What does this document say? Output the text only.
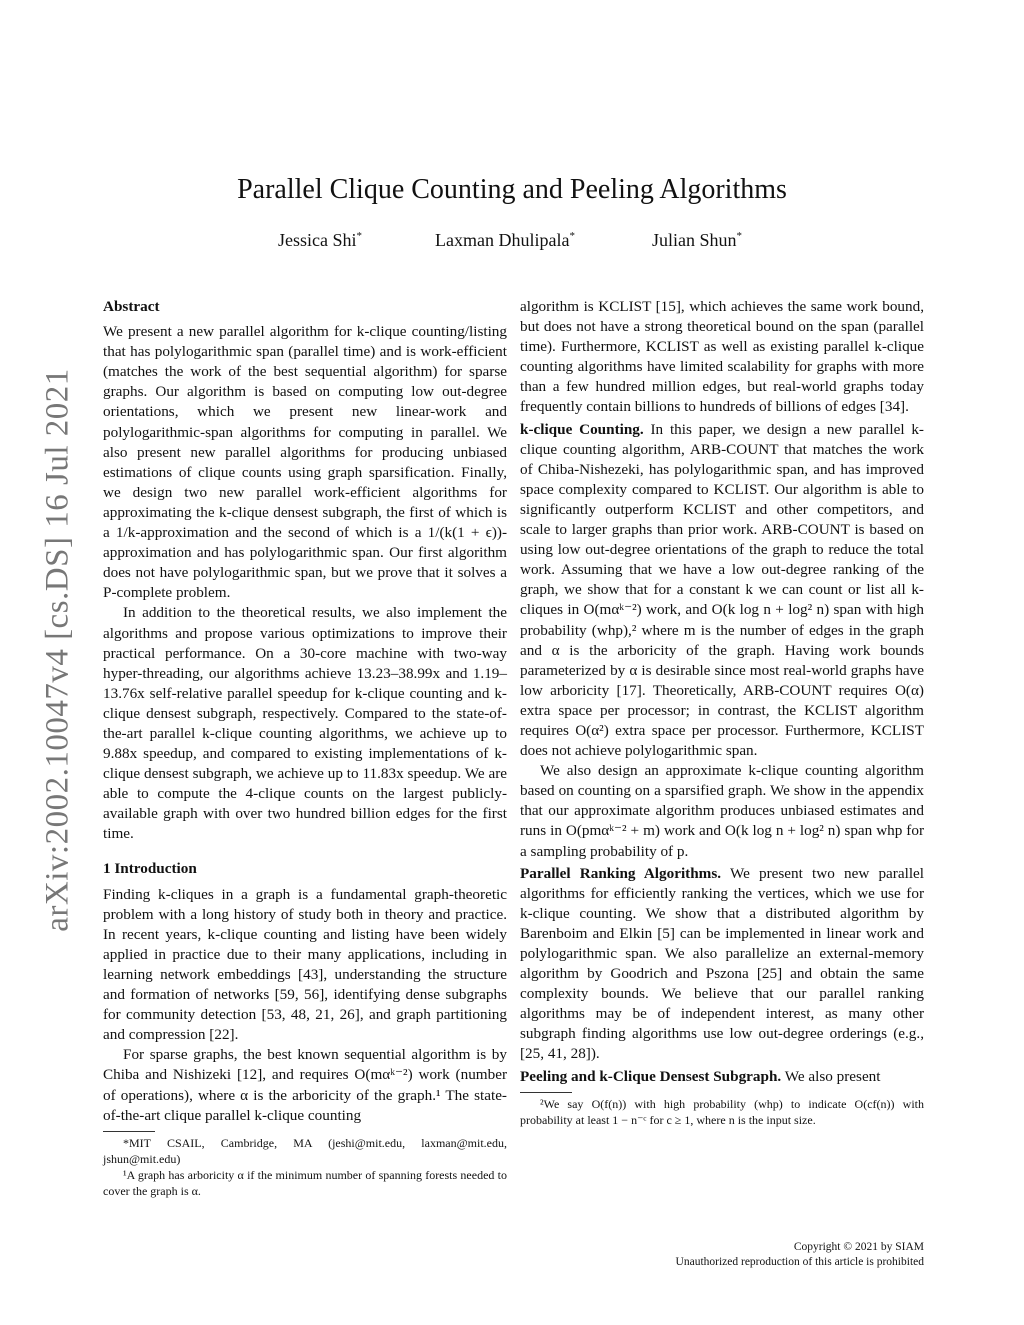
arXiv:2002.10047v4 [cs.DS] 16 Jul 2021
Parallel Clique Counting and Peeling Algorithms
Jessica Shi*	Laxman Dhulipala*	Julian Shun*

Abstract

We present a new parallel algorithm for k-clique counting/listing that has polylogarithmic span (parallel time) and is work-efficient (matches the work of the best sequential algorithm) for sparse graphs. Our algorithm is based on computing low out-degree orientations, which we present new linear-work and polylogarithmic-span algorithms for computing in parallel. We also present new parallel algorithms for producing unbiased estimations of clique counts using graph sparsification. Finally, we design two new parallel work-efficient algorithms for approximating the k-clique densest subgraph, the first of which is a 1/k-approximation and the second of which is a 1/(k(1 + ϵ))-approximation and has polylogarithmic span. Our first algorithm does not have polylogarithmic span, but we prove that it solves a P-complete problem.

In addition to the theoretical results, we also implement the algorithms and propose various optimizations to improve their practical performance. On a 30-core machine with two-way hyper-threading, our algorithms achieve 13.23–38.99x and 1.19–13.76x self-relative parallel speedup for k-clique counting and k-clique densest subgraph, respectively. Compared to the state-of-the-art parallel k-clique counting algorithms, we achieve up to 9.88x speedup, and compared to existing implementations of k-clique densest subgraph, we achieve up to 11.83x speedup. We are able to compute the 4-clique counts on the largest publicly-available graph with over two hundred billion edges for the first time.

1 Introduction

Finding k-cliques in a graph is a fundamental graph-theoretic problem with a long history of study both in theory and practice. In recent years, k-clique counting and listing have been widely applied in practice due to their many applications, including in learning network embeddings [43], understanding the structure and formation of networks [59, 56], identifying dense subgraphs for community detection [53, 48, 21, 26], and graph partitioning and compression [22].

For sparse graphs, the best known sequential algorithm is by Chiba and Nishizeki [12], and requires O(mαᵏ⁻²) work (number of operations), where α is the arboricity of the graph.¹ The state-of-the-art clique parallel k-clique counting

*MIT CSAIL, Cambridge, MA (jeshi@mit.edu, laxman@mit.edu, jshun@mit.edu)

¹A graph has arboricity α if the minimum number of spanning forests needed to cover the graph is α.

algorithm is KCLIST [15], which achieves the same work bound, but does not have a strong theoretical bound on the span (parallel time). Furthermore, KCLIST as well as existing parallel k-clique counting algorithms have limited scalability for graphs with more than a few hundred million edges, but real-world graphs today frequently contain billions to hundreds of billions of edges [34].

k-clique Counting. In this paper, we design a new parallel k-clique counting algorithm, ARB-COUNT that matches the work of Chiba-Nishezeki, has polylogarithmic span, and has improved space complexity compared to KCLIST. Our algorithm is able to significantly outperform KCLIST and other competitors, and scale to larger graphs than prior work. ARB-COUNT is based on using low out-degree orientations of the graph to reduce the total work. Assuming that we have a low out-degree ranking of the graph, we show that for a constant k we can count or list all k-cliques in O(mαᵏ⁻²) work, and O(k log n + log² n) span with high probability (whp),² where m is the number of edges in the graph and α is the arboricity of the graph. Having work bounds parameterized by α is desirable since most real-world graphs have low arboricity [17]. Theoretically, ARB-COUNT requires O(α) extra space per processor; in contrast, the KCLIST algorithm requires O(α²) extra space per processor. Furthermore, KCLIST does not achieve polylogarithmic span.

We also design an approximate k-clique counting algorithm based on counting on a sparsified graph. We show in the appendix that our approximate algorithm produces unbiased estimates and runs in O(pmαᵏ⁻² + m) work and O(k log n + log² n) span whp for a sampling probability of p.

Parallel Ranking Algorithms. We present two new parallel algorithms for efficiently ranking the vertices, which we use for k-clique counting. We show that a distributed algorithm by Barenboim and Elkin [5] can be implemented in linear work and polylogarithmic span. We also parallelize an external-memory algorithm by Goodrich and Pszona [25] and obtain the same complexity bounds. We believe that our parallel ranking algorithms may be of independent interest, as many other subgraph finding algorithms use low out-degree orderings (e.g., [25, 41, 28]).

Peeling and k-Clique Densest Subgraph. We also present

²We say O(f(n)) with high probability (whp) to indicate O(cf(n)) with probability at least 1 − n⁻ᶜ for c ≥ 1, where n is the input size.

Copyright © 2021 by SIAM
Unauthorized reproduction of this article is prohibited
